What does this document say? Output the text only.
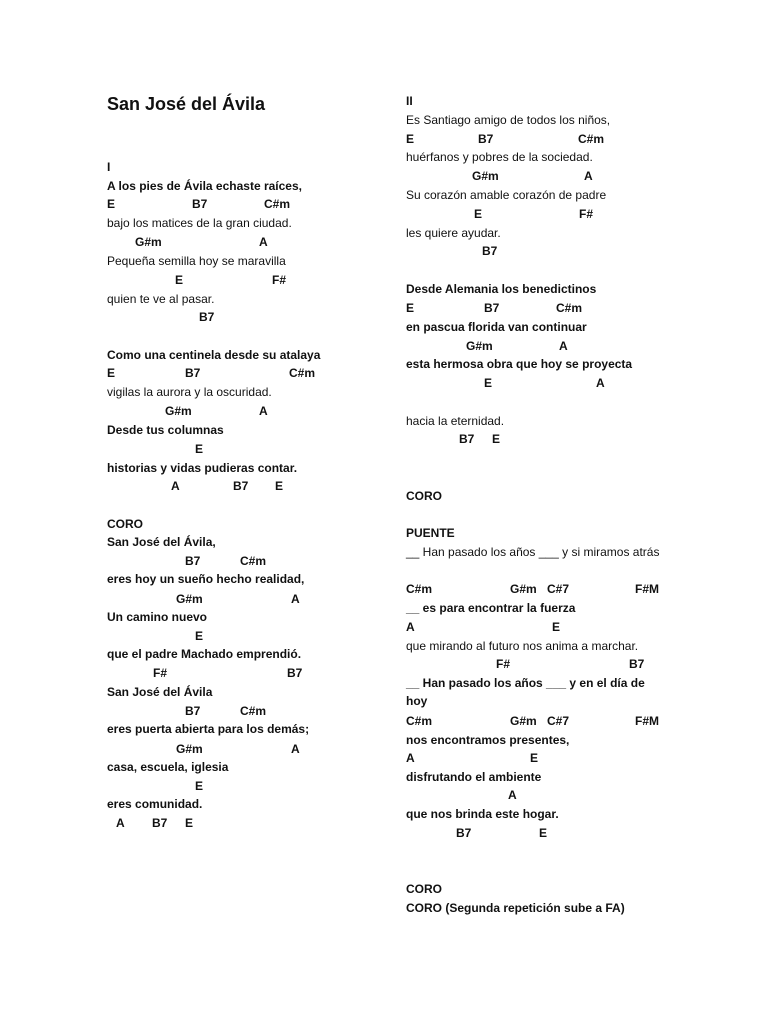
San José del Ávila
I
A los pies de Ávila echaste raíces,
E	B7	C#m
bajo los matices de la gran ciudad.
G#m	A
Pequeña semilla hoy se maravilla
E	F#
quien te ve al pasar.
B7
Como una centinela desde su atalaya
E	B7	C#m
vigilas la aurora y la oscuridad.
G#m	A
Desde tus columnas
E
historias y vidas pudieras contar.
A	B7 E
CORO
San José del Ávila,
B7	C#m
eres hoy un sueño hecho realidad,
G#m	A
Un camino nuevo
E
que el padre Machado emprendió.
F#	B7
San José del Ávila
B7	C#m
eres puerta abierta para los demás;
G#m	A
casa, escuela, iglesia
E
eres comunidad.
A B7 E
II
Es Santiago amigo de todos los niños,
E	B7	C#m
huérfanos y pobres de la sociedad.
G#m	A
Su corazón amable corazón de padre
E	F#
les quiere ayudar.
B7
Desde Alemania los benedictinos
E	B7	C#m
en pascua florida van continuar
G#m	A
esta hermosa obra que hoy se proyecta
E	A
hacia la eternidad.
B7 E
CORO
PUENTE
__ Han pasado los años ___ y si miramos atrás
C#m	G#m C#7	F#M
__ es para encontrar la fuerza
A	E
que mirando al futuro nos anima a marchar.
F#	B7
__ Han pasado los años ___ y en el día de hoy
C#m	G#m C#7	F#M
nos encontramos presentes,
A	E
disfrutando el ambiente
A
que nos brinda este hogar.
B7	E
CORO
CORO (Segunda repetición sube a FA)
